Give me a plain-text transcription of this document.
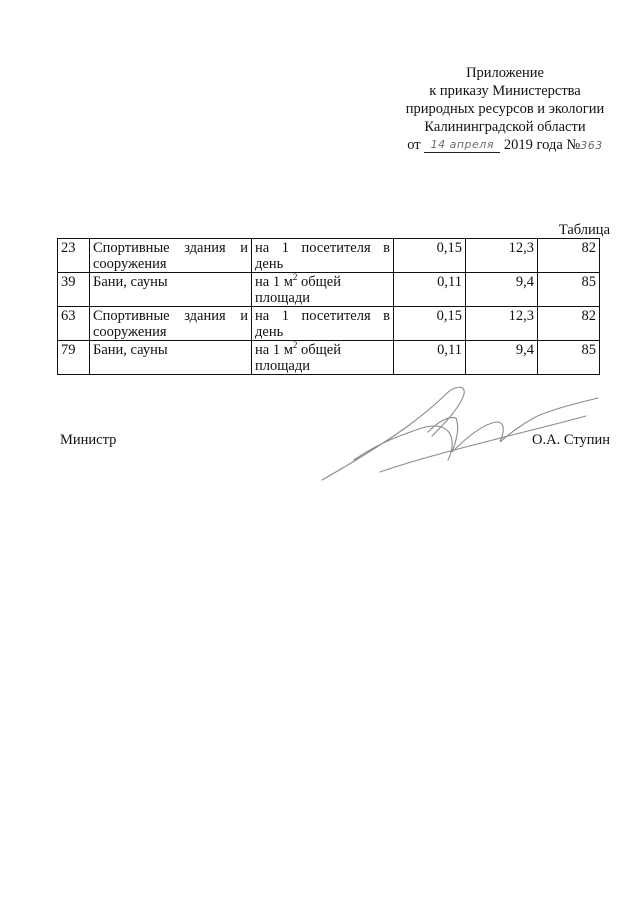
Приложение
к приказу Министерства
природных ресурсов и экологии
Калининградской области
от 14 апреля 2019 года №363
Таблица
23	Спортивные здания и сооружения	на 1 посетителя в день	0,15	12,3	82
39	Бани, сауны	на 1 $м^2$ общей площади	0,11	9,4	85
63	Спортивные здания и сооружения	на 1 посетителя в день	0,15	12,3	82
79	Бани, сауны	на 1 $м^2$ общей площади	0,11	9,4	85
Министр	О.А. Ступин
